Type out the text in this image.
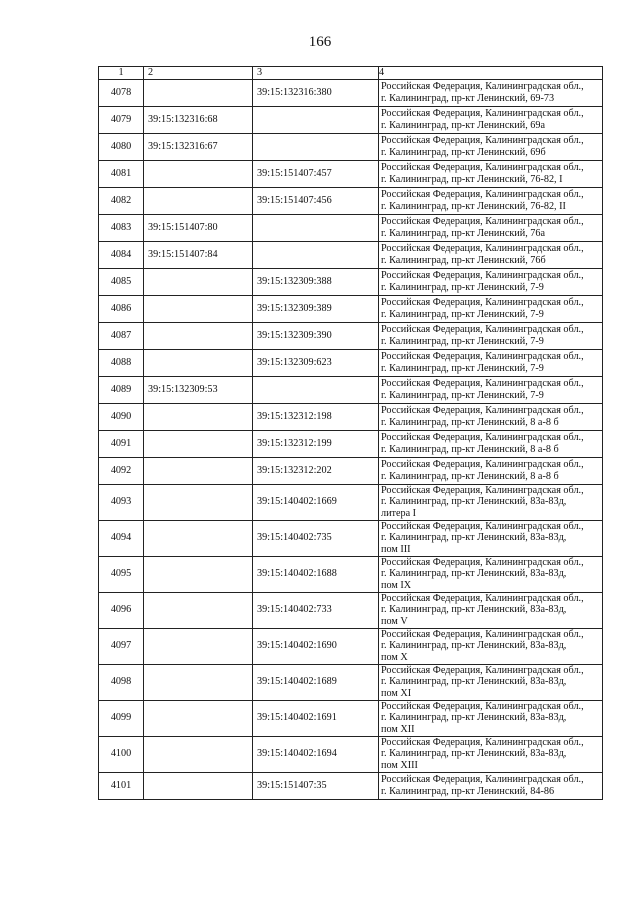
166
1	2	3	4
4078		39:15:132316:380	Российская Федерация, Калининградская обл.,
г. Калининград, пр-кт Ленинский, 69-73

4079	39:15:132316:68		Российская Федерация, Калининградская обл.,
г. Калининград, пр-кт Ленинский, 69а

4080	39:15:132316:67		Российская Федерация, Калининградская обл.,
г. Калининград, пр-кт Ленинский, 69б

4081		39:15:151407:457	Российская Федерация, Калининградская обл.,
г. Калининград, пр-кт Ленинский, 76-82, I

4082		39:15:151407:456	Российская Федерация, Калининградская обл.,
г. Калининград, пр-кт Ленинский, 76-82, II

4083	39:15:151407:80		Российская Федерация, Калининградская обл.,
г. Калининград, пр-кт Ленинский, 76а

4084	39:15:151407:84		Российская Федерация, Калининградская обл.,
г. Калининград, пр-кт Ленинский, 76б

4085		39:15:132309:388	Российская Федерация, Калининградская обл.,
г. Калининград, пр-кт Ленинский, 7-9

4086		39:15:132309:389	Российская Федерация, Калининградская обл.,
г. Калининград, пр-кт Ленинский, 7-9

4087		39:15:132309:390	Российская Федерация, Калининградская обл.,
г. Калининград, пр-кт Ленинский, 7-9

4088		39:15:132309:623	Российская Федерация, Калининградская обл.,
г. Калининград, пр-кт Ленинский, 7-9

4089	39:15:132309:53		Российская Федерация, Калининградская обл.,
г. Калининград, пр-кт Ленинский, 7-9

4090		39:15:132312:198	Российская Федерация, Калининградская обл.,
г. Калининград, пр-кт Ленинский, 8 а-8 б

4091		39:15:132312:199	Российская Федерация, Калининградская обл.,
г. Калининград, пр-кт Ленинский, 8 а-8 б

4092		39:15:132312:202	Российская Федерация, Калининградская обл.,
г. Калининград, пр-кт Ленинский, 8 а-8 б

4093		39:15:140402:1669	Российская Федерация, Калининградская обл.,
г. Калининград, пр-кт Ленинский, 83а-83д,
литера I

4094		39:15:140402:735	Российская Федерация, Калининградская обл.,
г. Калининград, пр-кт Ленинский, 83а-83д,
пом III

4095		39:15:140402:1688	Российская Федерация, Калининградская обл.,
г. Калининград, пр-кт Ленинский, 83а-83д,
пом IX

4096		39:15:140402:733	Российская Федерация, Калининградская обл.,
г. Калининград, пр-кт Ленинский, 83а-83д,
пом V

4097		39:15:140402:1690	Российская Федерация, Калининградская обл.,
г. Калининград, пр-кт Ленинский, 83а-83д,
пом X

4098		39:15:140402:1689	Российская Федерация, Калининградская обл.,
г. Калининград, пр-кт Ленинский, 83а-83д,
пом XI

4099		39:15:140402:1691	Российская Федерация, Калининградская обл.,
г. Калининград, пр-кт Ленинский, 83а-83д,
пом XII

4100		39:15:140402:1694	Российская Федерация, Калининградская обл.,
г. Калининград, пр-кт Ленинский, 83а-83д,
пом XIII

4101		39:15:151407:35	Российская Федерация, Калининградская обл.,
г. Калининград, пр-кт Ленинский, 84-86
